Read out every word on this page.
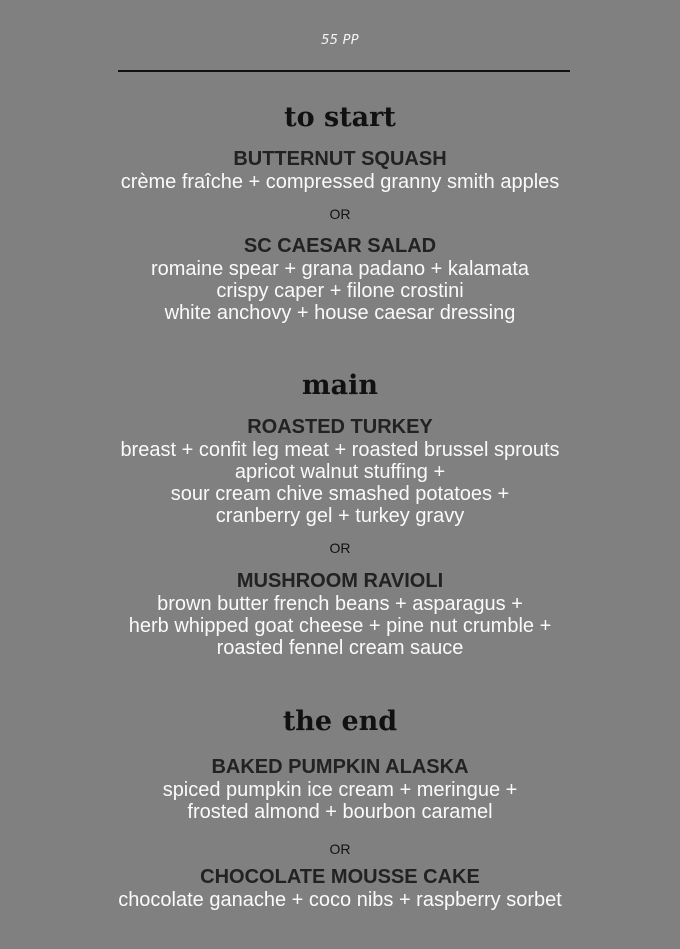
55 PP
to start
BUTTERNUT SQUASH
crème fraîche + compressed granny smith apples
OR
SC CAESAR SALAD
romaine spear + grana padano + kalamata
crispy caper + filone crostini
white anchovy + house caesar dressing
main
ROASTED TURKEY
breast + confit leg meat + roasted brussel sprouts
apricot walnut stuffing +
sour cream chive smashed potatoes +
cranberry gel + turkey gravy
OR
MUSHROOM RAVIOLI
brown butter french beans + asparagus +
herb whipped goat cheese + pine nut crumble +
roasted fennel cream sauce
the end
BAKED PUMPKIN ALASKA
spiced pumpkin ice cream + meringue +
frosted almond + bourbon caramel
OR
CHOCOLATE MOUSSE CAKE
chocolate ganache + coco nibs + raspberry sorbet
